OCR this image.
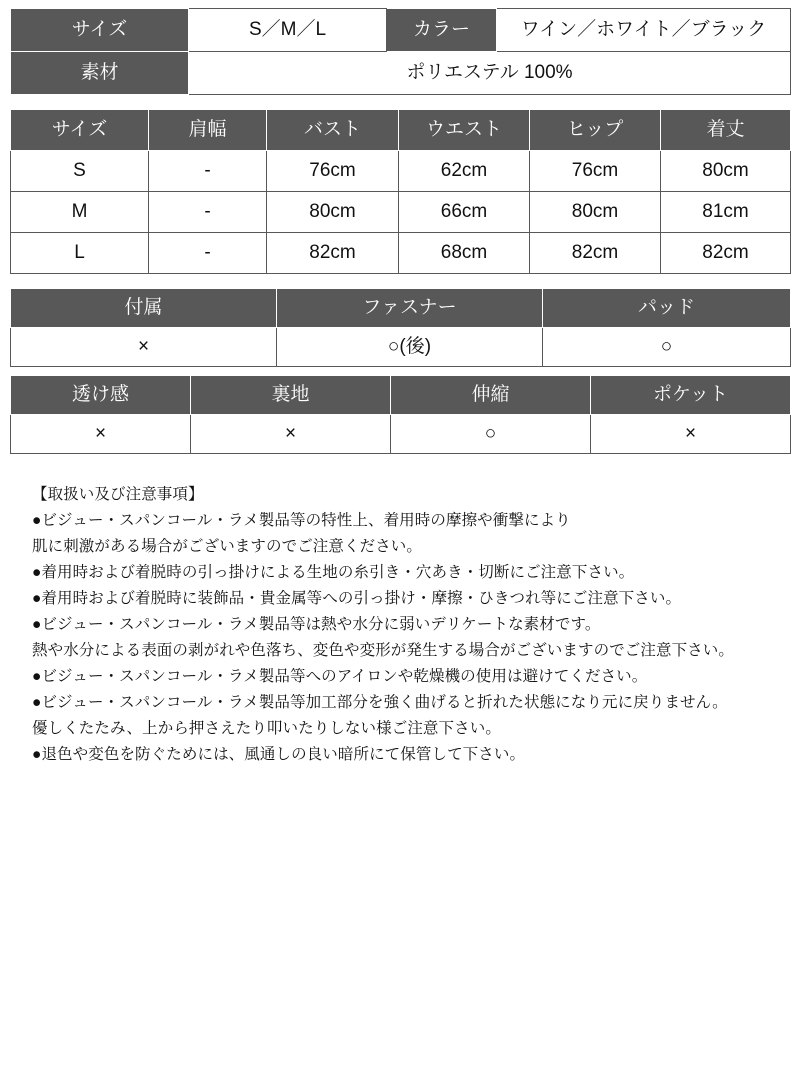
サイズ	S／M／L	カラー	ワイン／ホワイト／ブラック
素材	ポリエステル 100%		
サイズ	肩幅	バスト	ウエスト	ヒップ	着丈
S	-	76cm	62cm	76cm	80cm
M	-	80cm	66cm	80cm	81cm
L	-	82cm	68cm	82cm	82cm
付属	ファスナー	パッド
×	○(後)	○
透け感	裏地	伸縮	ポケット
×	×	○	×
【取扱い及び注意事項】
●ビジュー・スパンコール・ラメ製品等の特性上、着用時の摩擦や衝撃により
肌に刺激がある場合がございますのでご注意ください。
●着用時および着脱時の引っ掛けによる生地の糸引き・穴あき・切断にご注意下さい。
●着用時および着脱時に装飾品・貴金属等への引っ掛け・摩擦・ひきつれ等にご注意下さい。
●ビジュー・スパンコール・ラメ製品等は熱や水分に弱いデリケートな素材です。
熱や水分による表面の剥がれや色落ち、変色や変形が発生する場合がございますのでご注意下さい。
●ビジュー・スパンコール・ラメ製品等へのアイロンや乾燥機の使用は避けてください。
●ビジュー・スパンコール・ラメ製品等加工部分を強く曲げると折れた状態になり元に戻りません。
優しくたたみ、上から押さえたり叩いたりしない様ご注意下さい。
●退色や変色を防ぐためには、風通しの良い暗所にて保管して下さい。
